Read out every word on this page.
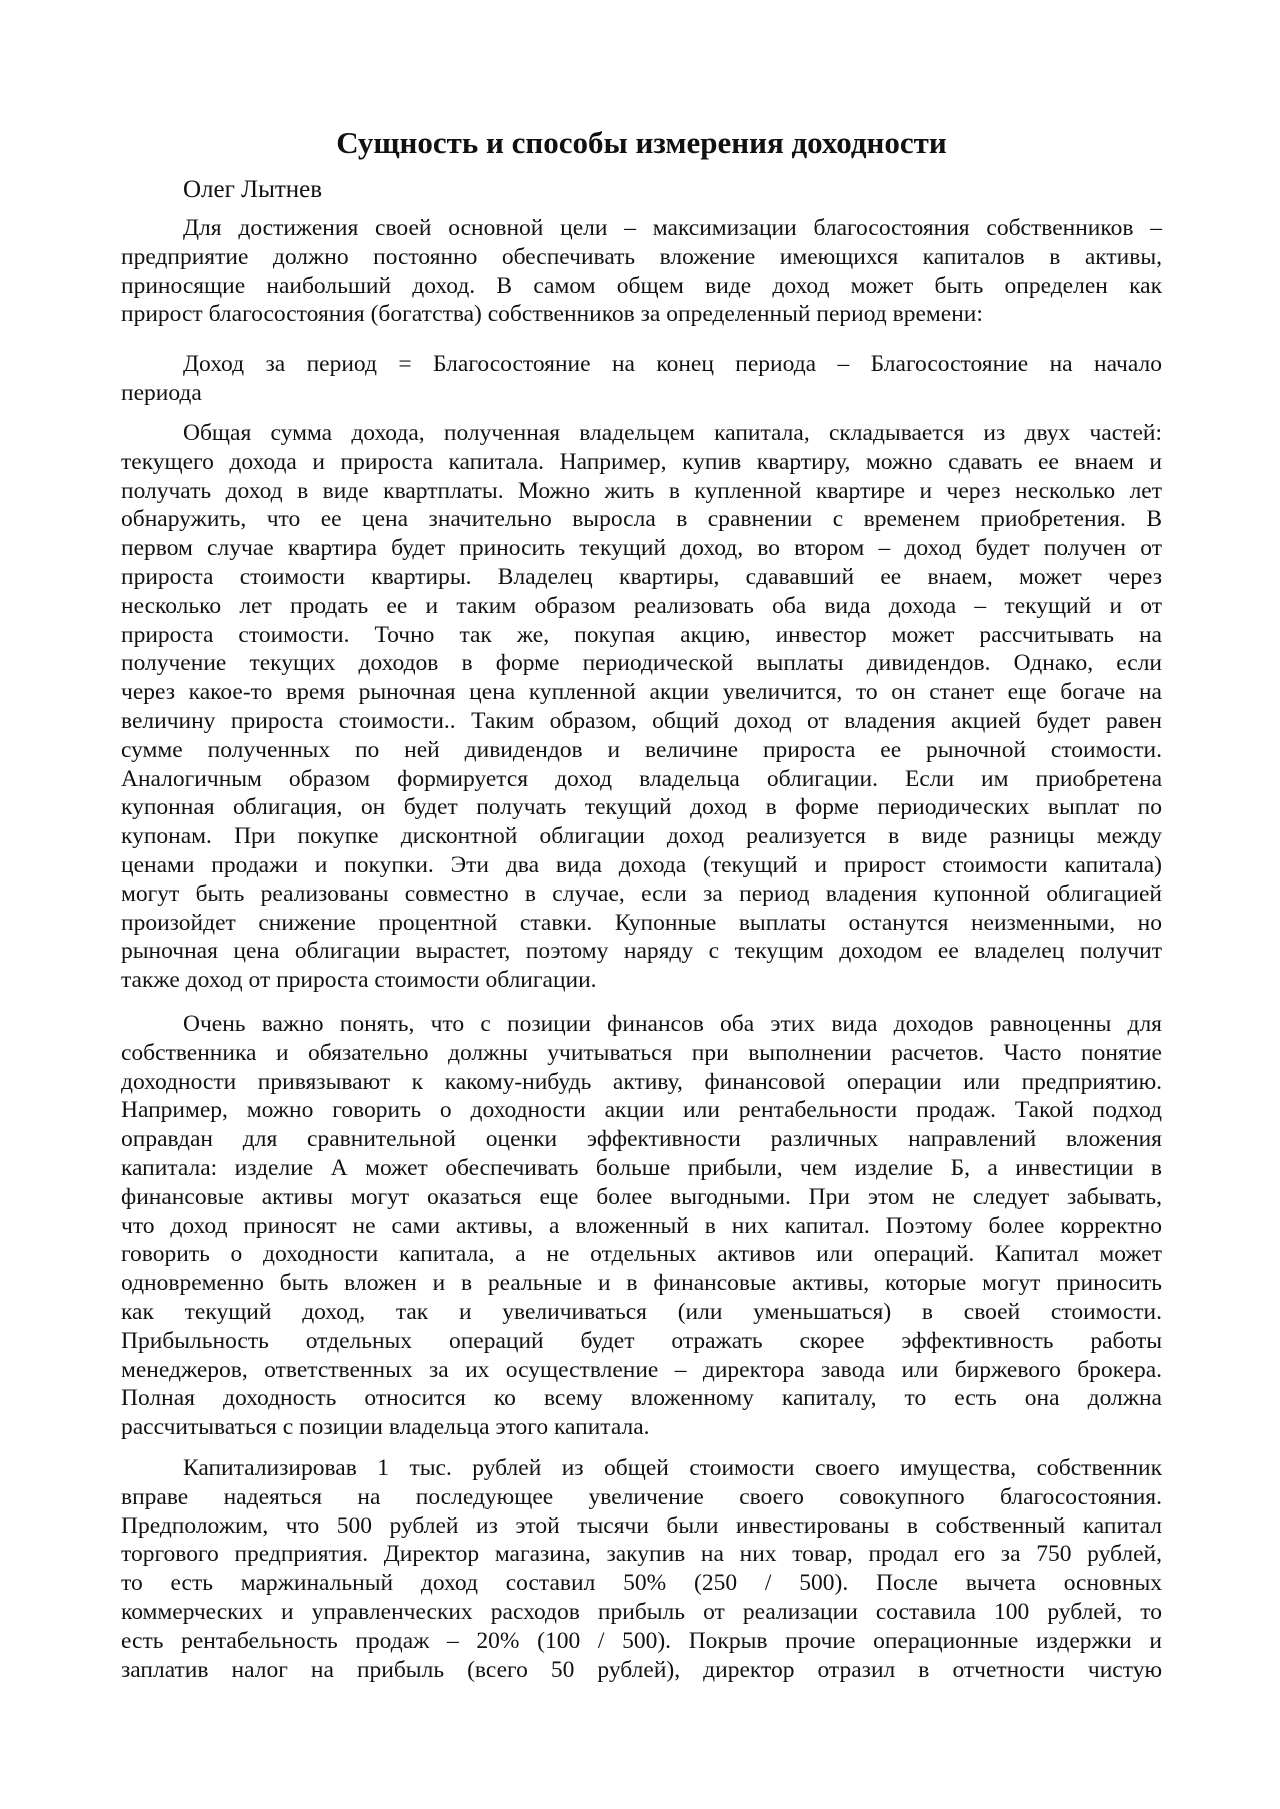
Сущность и способы измерения доходности
Олег Лытнев
Для достижения своей основной цели – максимизации благосостояния собственников –
предприятие должно постоянно обеспечивать вложение имеющихся капиталов в активы,
приносящие наибольший доход. В самом общем виде доход может быть определен как
прирост благосостояния (богатства) собственников за определенный период времени:
Доход за период = Благосостояние на конец периода – Благосостояние на начало
периода
Общая сумма дохода, полученная владельцем капитала, складывается из двух частей:
текущего дохода и прироста капитала. Например, купив квартиру, можно сдавать ее внаем и
получать доход в виде квартплаты. Можно жить в купленной квартире и через несколько лет
обнаружить, что ее цена значительно выросла в сравнении с временем приобретения. В
первом случае квартира будет приносить текущий доход, во втором – доход будет получен от
прироста стоимости квартиры. Владелец квартиры, сдававший ее внаем, может через
несколько лет продать ее и таким образом реализовать оба вида дохода – текущий и от
прироста стоимости. Точно так же, покупая акцию, инвестор может рассчитывать на
получение текущих доходов в форме периодической выплаты дивидендов. Однако, если
через какое-то время рыночная цена купленной акции увеличится, то он станет еще богаче на
величину прироста стоимости.. Таким образом, общий доход от владения акцией будет равен
сумме полученных по ней дивидендов и величине прироста ее рыночной стоимости.
Аналогичным образом формируется доход владельца облигации. Если им приобретена
купонная облигация, он будет получать текущий доход в форме периодических выплат по
купонам. При покупке дисконтной облигации доход реализуется в виде разницы между
ценами продажи и покупки. Эти два вида дохода (текущий и прирост стоимости капитала)
могут быть реализованы совместно в случае, если за период владения купонной облигацией
произойдет снижение процентной ставки. Купонные выплаты останутся неизменными, но
рыночная цена облигации вырастет, поэтому наряду с текущим доходом ее владелец получит
также доход от прироста стоимости облигации.
Очень важно понять, что с позиции финансов оба этих вида доходов равноценны для
собственника и обязательно должны учитываться при выполнении расчетов. Часто понятие
доходности привязывают к какому-нибудь активу, финансовой операции или предприятию.
Например, можно говорить о доходности акции или рентабельности продаж. Такой подход
оправдан для сравнительной оценки эффективности различных направлений вложения
капитала: изделие А может обеспечивать больше прибыли, чем изделие Б, а инвестиции в
финансовые активы могут оказаться еще более выгодными. При этом не следует забывать,
что доход приносят не сами активы, а вложенный в них капитал. Поэтому более корректно
говорить о доходности капитала, а не отдельных активов или операций. Капитал может
одновременно быть вложен и в реальные и в финансовые активы, которые могут приносить
как текущий доход, так и увеличиваться (или уменьшаться) в своей стоимости.
Прибыльность отдельных операций будет отражать скорее эффективность работы
менеджеров, ответственных за их осуществление – директора завода или биржевого брокера.
Полная доходность относится ко всему вложенному капиталу, то есть она должна
рассчитываться с позиции владельца этого капитала.
Капитализировав 1 тыс. рублей из общей стоимости своего имущества, собственник
вправе надеяться на последующее увеличение своего совокупного благосостояния.
Предположим, что 500 рублей из этой тысячи были инвестированы в собственный капитал
торгового предприятия. Директор магазина, закупив на них товар, продал его за 750 рублей,
то есть маржинальный доход составил 50% (250 / 500). После вычета основных
коммерческих и управленческих расходов прибыль от реализации составила 100 рублей, то
есть рентабельность продаж – 20% (100 / 500). Покрыв прочие операционные издержки и
заплатив налог на прибыль (всего 50 рублей), директор отразил в отчетности чистую
